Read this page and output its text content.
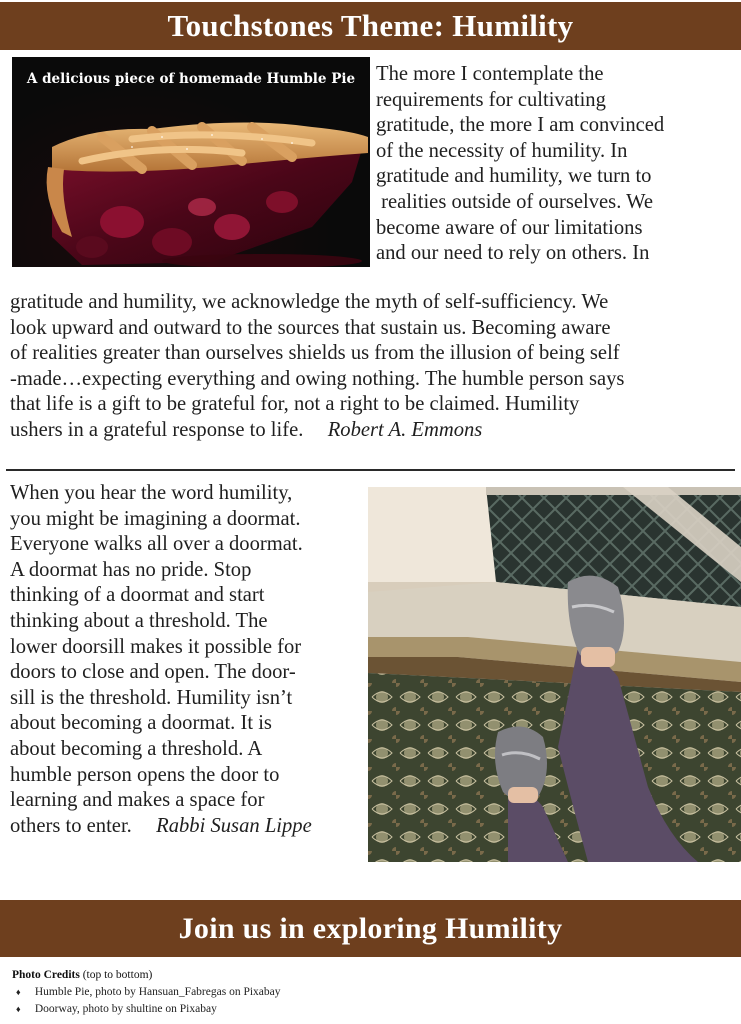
Touchstones Theme: Humility
A delicious piece of homemade Humble Pie	The more I contemplate the
requirements for cultivating
gratitude, the more I am convinced
of the necessity of humility. In
gratitude and humility, we turn to
realities outside of ourselves. We
become aware of our limitations
and our need to rely on others. In
gratitude and humility, we acknowledge the myth of self-sufficiency. We
look upward and outward to the sources that sustain us. Becoming aware
of realities greater than ourselves shields us from the illusion of being self
-made…expecting everything and owing nothing. The humble person says
that life is a gift to be grateful for, not a right to be claimed. Humility
ushers in a grateful response to life. Robert A. Emmons
When you hear the word humility,
you might be imagining a doormat.
Everyone walks all over a doormat.
A doormat has no pride. Stop
thinking of a doormat and start
thinking about a threshold. The
lower doorsill makes it possible for
doors to close and open. The door-
sill is the threshold. Humility isn’t
about becoming a doormat. It is
about becoming a threshold. A
humble person opens the door to
learning and makes a space for
others to enter. Rabbi Susan Lippe
Join us in exploring Humility
Photo Credits (top to bottom)
♦ Humble Pie, photo by Hansuan_Fabregas on Pixabay
♦ Doorway, photo by shultine on Pixabay
